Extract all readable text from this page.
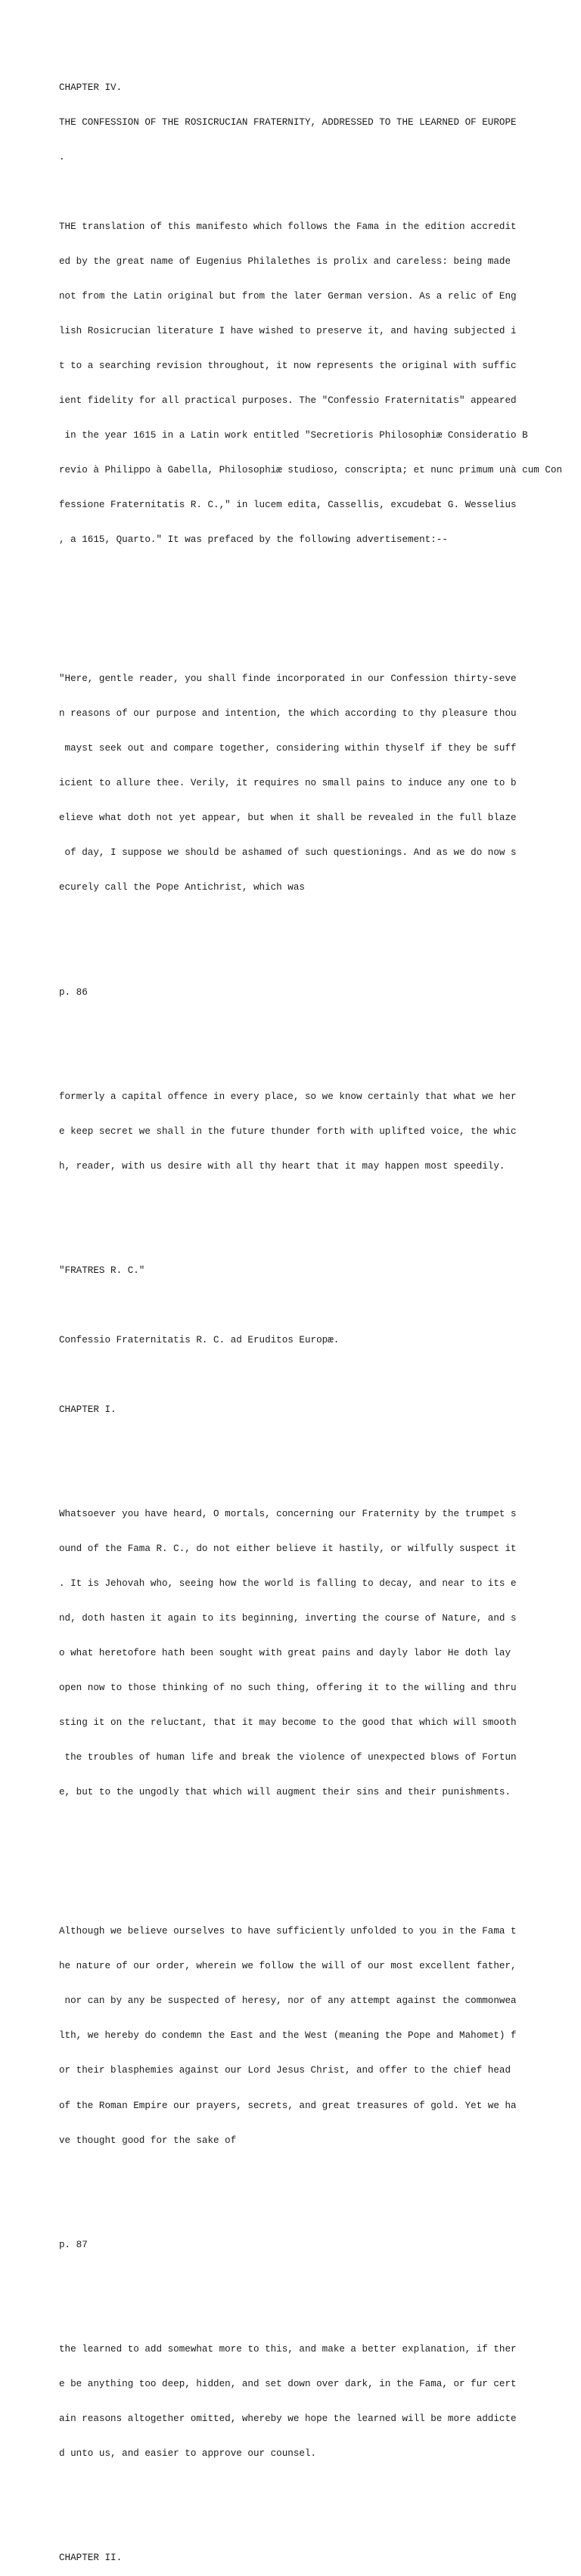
CHAPTER IV.

THE CONFESSION OF THE ROSICRUCIAN FRATERNITY, ADDRESSED TO THE LEARNED OF EUROPE

.

THE translation of this manifesto which follows the Fama in the edition accredit

ed by the great name of Eugenius Philalethes is prolix and careless: being made

not from the Latin original but from the later German version. As a relic of Eng

lish Rosicrucian literature I have wished to preserve it, and having subjected i

t to a searching revision throughout, it now represents the original with suffic

ient fidelity for all practical purposes. The "Confessio Fraternitatis" appeared

in the year 1615 in a Latin work entitled "Secretioris Philosophiæ Consideratio B

revio à Philippo à Gabella, Philosophiæ studioso, conscripta; et nunc primum unà cum Con

fessione Fraternitatis R. C.," in lucem edita, Cassellis, excudebat G. Wesselius

, a 1615, Quarto." It was prefaced by the following advertisement:--

"Here, gentle reader, you shall finde incorporated in our Confession thirty-seve

n reasons of our purpose and intention, the which according to thy pleasure thou

mayst seek out and compare together, considering within thyself if they be suff

icient to allure thee. Verily, it requires no small pains to induce any one to b

elieve what doth not yet appear, but when it shall be revealed in the full blaze

of day, I suppose we should be ashamed of such questionings. And as we do now s

ecurely call the Pope Antichrist, which was

p. 86

formerly a capital offence in every place, so we know certainly that what we her

e keep secret we shall in the future thunder forth with uplifted voice, the whic

h, reader, with us desire with all thy heart that it may happen most speedily.

"FRATRES R. C."

Confessio Fraternitatis R. C. ad Eruditos Europæ.

CHAPTER I.

Whatsoever you have heard, O mortals, concerning our Fraternity by the trumpet s

ound of the Fama R. C., do not either believe it hastily, or wilfully suspect it

. It is Jehovah who, seeing how the world is falling to decay, and near to its e

nd, doth hasten it again to its beginning, inverting the course of Nature, and s

o what heretofore hath been sought with great pains and dayly labor He doth lay

open now to those thinking of no such thing, offering it to the willing and thru

sting it on the reluctant, that it may become to the good that which will smooth

the troubles of human life and break the violence of unexpected blows of Fortun

e, but to the ungodly that which will augment their sins and their punishments.

Although we believe ourselves to have sufficiently unfolded to you in the Fama t

he nature of our order, wherein we follow the will of our most excellent father,

nor can by any be suspected of heresy, nor of any attempt against the commonwea

lth, we hereby do condemn the East and the West (meaning the Pope and Mahomet) f

or their blasphemies against our Lord Jesus Christ, and offer to the chief head

of the Roman Empire our prayers, secrets, and great treasures of gold. Yet we ha

ve thought good for the sake of

p. 87

the learned to add somewhat more to this, and make a better explanation, if ther

e be anything too deep, hidden, and set down over dark, in the Fama, or fur cert

ain reasons altogether omitted, whereby we hope the learned will be more addicte

d unto us, and easier to approve our counsel.

CHAPTER II.
